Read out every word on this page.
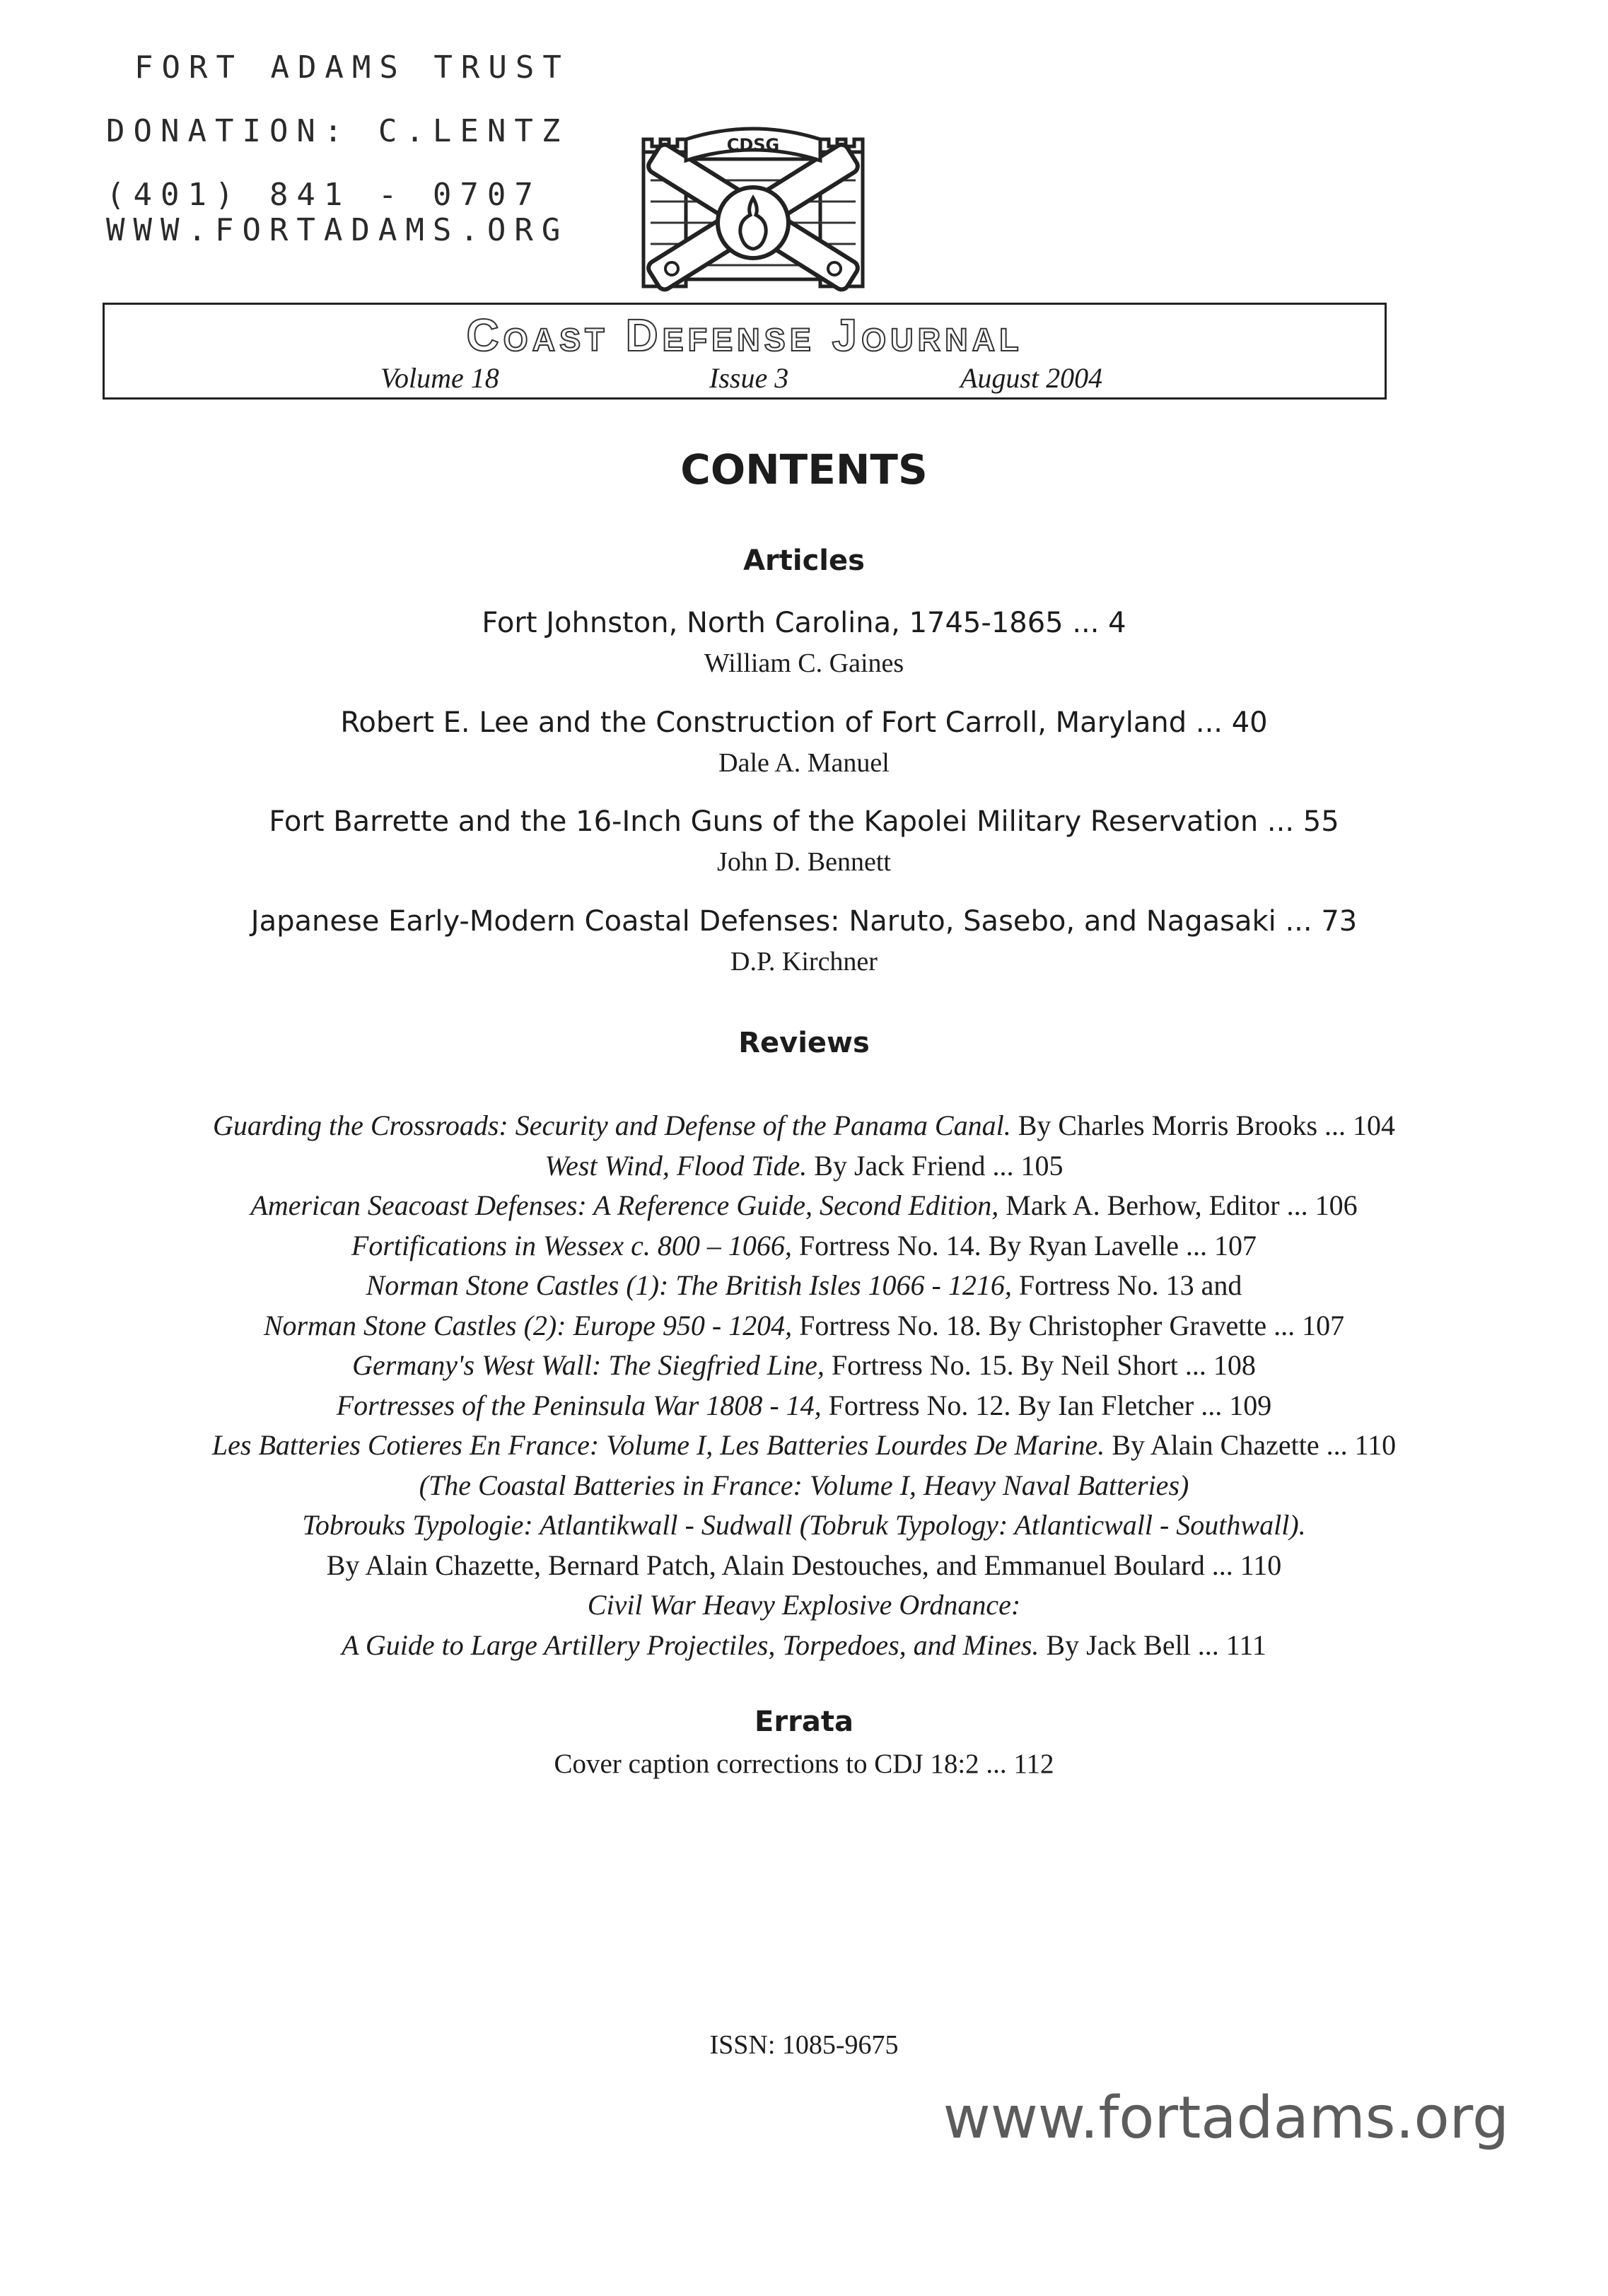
FORT ADAMS TRUST
DONATION: C.LENTZ
(401) 841 - 0707
WWW.FORTADAMS.ORG
CDSG
Coast Defense Journal
Volume 18	Issue 3	August 2004
CONTENTS
Articles
Fort Johnston, North Carolina, 1745-1865 ... 4
William C. Gaines
Robert E. Lee and the Construction of Fort Carroll, Maryland ... 40
Dale A. Manuel
Fort Barrette and the 16-Inch Guns of the Kapolei Military Reservation ... 55
John D. Bennett
Japanese Early-Modern Coastal Defenses: Naruto, Sasebo, and Nagasaki ... 73
D.P. Kirchner
Reviews
Guarding the Crossroads: Security and Defense of the Panama Canal. By Charles Morris Brooks ... 104
West Wind, Flood Tide. By Jack Friend ... 105
American Seacoast Defenses: A Reference Guide, Second Edition, Mark A. Berhow, Editor ... 106
Fortifications in Wessex c. 800 – 1066, Fortress No. 14. By Ryan Lavelle ... 107
Norman Stone Castles (1): The British Isles 1066 - 1216, Fortress No. 13 and
Norman Stone Castles (2): Europe 950 - 1204, Fortress No. 18. By Christopher Gravette ... 107
Germany's West Wall: The Siegfried Line, Fortress No. 15. By Neil Short ... 108
Fortresses of the Peninsula War 1808 - 14, Fortress No. 12. By Ian Fletcher ... 109
Les Batteries Cotieres En France: Volume I, Les Batteries Lourdes De Marine. By Alain Chazette ... 110
(The Coastal Batteries in France: Volume I, Heavy Naval Batteries)
Tobrouks Typologie: Atlantikwall - Sudwall (Tobruk Typology: Atlanticwall - Southwall).
By Alain Chazette, Bernard Patch, Alain Destouches, and Emmanuel Boulard ... 110
Civil War Heavy Explosive Ordnance:
A Guide to Large Artillery Projectiles, Torpedoes, and Mines. By Jack Bell ... 111
Errata
Cover caption corrections to CDJ 18:2 ... 112
ISSN: 1085-9675
www.fortadams.org
